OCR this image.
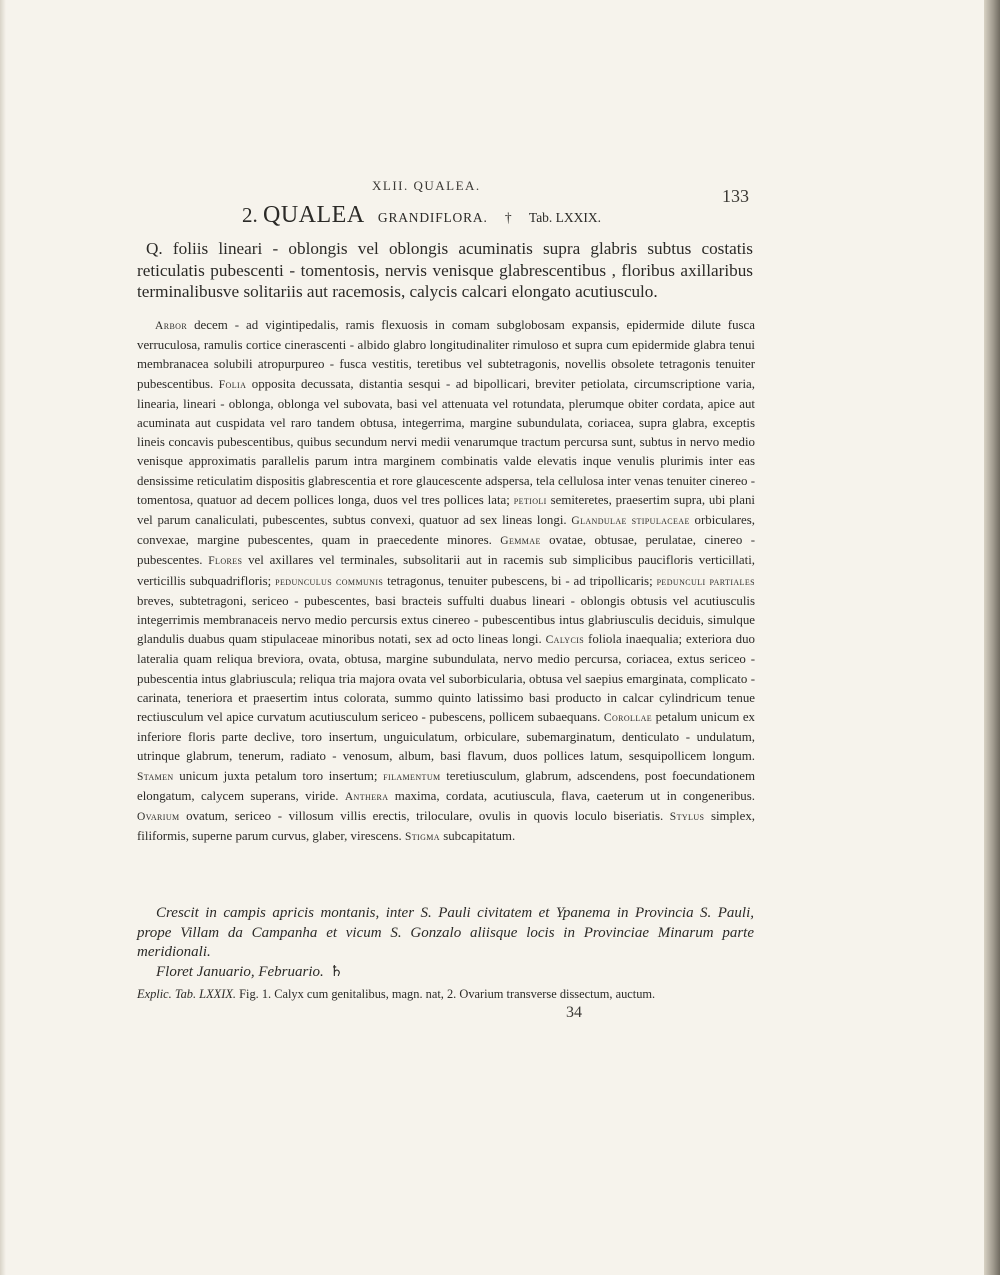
XLII. QUALEA.
133
2. QUALEA GRANDIFLORA. † Tab. LXXIX.

Q. foliis lineari - oblongis vel oblongis acuminatis supra glabris subtus costatis reticulatis pubescenti - tomentosis, nervis venisque glabrescentibus , floribus axillaribus terminalibusve solitariis aut racemosis, calycis calcari elongato acutiusculo.

Arbor decem - ad vigintipedalis, ramis flexuosis in comam subglobosam expansis, epidermide dilute fusca verruculosa, ramulis cortice cinerascenti - albido glabro longitudinaliter rimuloso et supra cum epidermide glabra tenui membranacea solubili atropurpureo - fusca vestitis, teretibus vel subtetragonis, novellis obsolete tetragonis tenuiter pubescentibus. Folia opposita decussata, distantia sesqui - ad bipollicari, breviter petiolata, circumscriptione varia, linearia, lineari - oblonga, oblonga vel subovata, basi vel attenuata vel rotundata, plerumque obiter cordata, apice aut acuminata aut cuspidata vel raro tandem obtusa, integerrima, margine subundulata, coriacea, supra glabra, exceptis lineis concavis pubescentibus, quibus secundum nervi medii venarumque tractum percursa sunt, subtus in nervo medio venisque approximatis parallelis parum intra marginem combinatis valde elevatis inque venulis plurimis inter eas densissime reticulatim dispositis glabrescentia et rore glaucescente adspersa, tela cellulosa inter venas tenuiter cinereo - tomentosa, quatuor ad decem pollices longa, duos vel tres pollices lata; petioli semiteretes, praesertim supra, ubi plani vel parum canaliculati, pubescentes, subtus convexi, quatuor ad sex lineas longi. Glandulae stipulaceae orbiculares, convexae, margine pubescentes, quam in praecedente minores. Gemmae ovatae, obtusae, perulatae, cinereo - pubescentes. Flores vel axillares vel terminales, subsolitarii aut in racemis sub simplicibus paucifloris verticillati, verticillis subquadrifloris; pedunculus communis tetragonus, tenuiter pubescens, bi - ad tripollicaris; pedunculi partiales breves, subtetragoni, sericeo - pubescentes, basi bracteis suffulti duabus lineari - oblongis obtusis vel acutiusculis integerrimis membranaceis nervo medio percursis extus cinereo - pubescentibus intus glabriusculis deciduis, simulque glandulis duabus quam stipulaceae minoribus notati, sex ad octo lineas longi. Calycis foliola inaequalia; exteriora duo lateralia quam reliqua breviora, ovata, obtusa, margine subundulata, nervo medio percursa, coriacea, extus sericeo - pubescentia intus glabriuscula; reliqua tria majora ovata vel suborbicularia, obtusa vel saepius emarginata, complicato - carinata, teneriora et praesertim intus colorata, summo quinto latissimo basi producto in calcar cylindricum tenue rectiusculum vel apice curvatum acutiusculum sericeo - pubescens, pollicem subaequans. Corollae petalum unicum ex inferiore floris parte declive, toro insertum, unguiculatum, orbiculare, subemarginatum, denticulato - undulatum, utrinque glabrum, tenerum, radiato - venosum, album, basi flavum, duos pollices latum, sesquipollicem longum. Stamen unicum juxta petalum toro insertum; filamentum teretiusculum, glabrum, adscendens, post foecundationem elongatum, calycem superans, viride. Anthera maxima, cordata, acutiuscula, flava, caeterum ut in congeneribus. Ovarium ovatum, sericeo - villosum villis erectis, triloculare, ovulis in quovis loculo biseriatis. Stylus simplex, filiformis, superne parum curvus, glaber, virescens. Stigma subcapitatum.

Crescit in campis apricis montanis, inter S. Pauli civitatem et Ypanema in Provincia S. Pauli, prope Villam da Campanha et vicum S. Gonzalo aliisque locis in Provinciae Minarum parte meridionali.

Floret Januario, Februario. ♄

Explic. Tab. LXXIX. Fig. 1. Calyx cum genitalibus, magn. nat, 2. Ovarium transverse dissectum, auctum.

34
